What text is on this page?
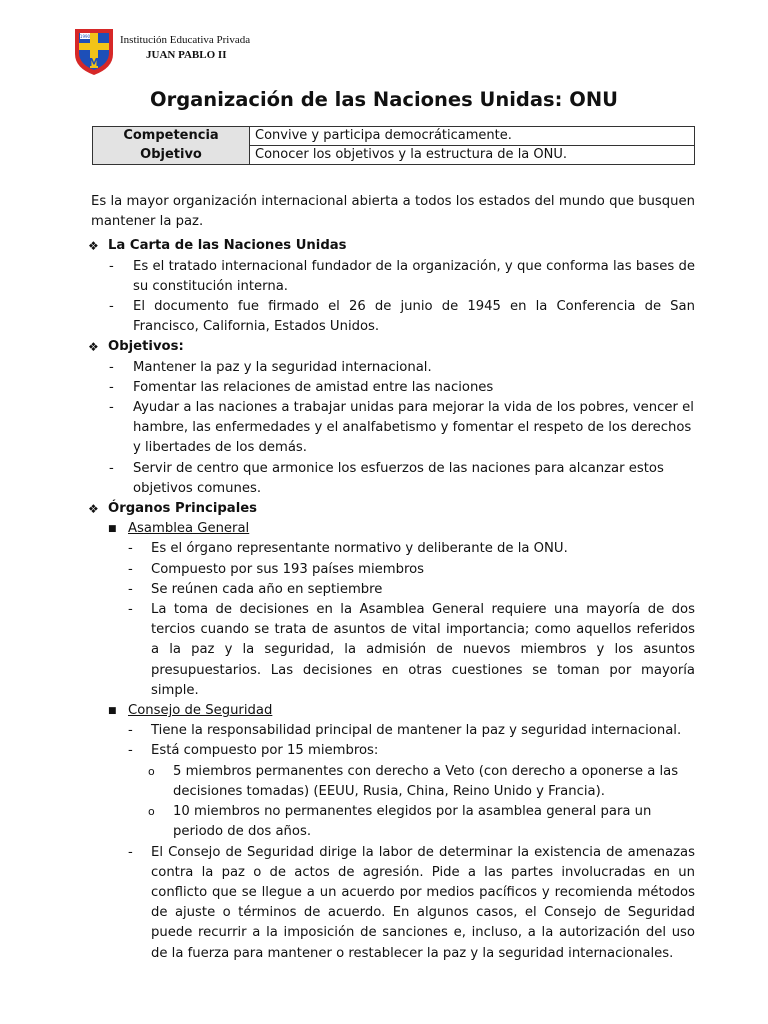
1990
M
Institución Educativa Privada
JUAN PABLO II
Organización de las Naciones Unidas: ONU
Competencia	Convive y participa democráticamente.
Objetivo	Conocer los objetivos y la estructura de la ONU.

Es la mayor organización internacional abierta a todos los estados del mundo que busquen mantener la paz.

❖ La Carta de las Naciones Unidas
- Es el tratado internacional fundador de la organización, y que conforma las bases de su constitución interna.
- El documento fue firmado el 26 de junio de 1945 en la Conferencia de San Francisco, California, Estados Unidos.
❖ Objetivos:
- Mantener la paz y la seguridad internacional.
- Fomentar las relaciones de amistad entre las naciones
- Ayudar a las naciones a trabajar unidas para mejorar la vida de los pobres, vencer el hambre, las enfermedades y el analfabetismo y fomentar el respeto de los derechos y libertades de los demás.
- Servir de centro que armonice los esfuerzos de las naciones para alcanzar estos objetivos comunes.
❖ Órganos Principales
■ Asamblea General
- Es el órgano representante normativo y deliberante de la ONU.
- Compuesto por sus 193 países miembros
- Se reúnen cada año en septiembre
- La toma de decisiones en la Asamblea General requiere una mayoría de dos tercios cuando se trata de asuntos de vital importancia; como aquellos referidos a la paz y la seguridad, la admisión de nuevos miembros y los asuntos presupuestarios. Las decisiones en otras cuestiones se toman por mayoría simple.
■ Consejo de Seguridad
- Tiene la responsabilidad principal de mantener la paz y seguridad internacional.
- Está compuesto por 15 miembros:
o 5 miembros permanentes con derecho a Veto (con derecho a oponerse a las decisiones tomadas) (EEUU, Rusia, China, Reino Unido y Francia).
o 10 miembros no permanentes elegidos por la asamblea general para un periodo de dos años.
- El Consejo de Seguridad dirige la labor de determinar la existencia de amenazas contra la paz o de actos de agresión. Pide a las partes involucradas en un conflicto que se llegue a un acuerdo por medios pacíficos y recomienda métodos de ajuste o términos de acuerdo. En algunos casos, el Consejo de Seguridad puede recurrir a la imposición de sanciones e, incluso, a la autorización del uso de la fuerza para mantener o restablecer la paz y la seguridad internacionales.
